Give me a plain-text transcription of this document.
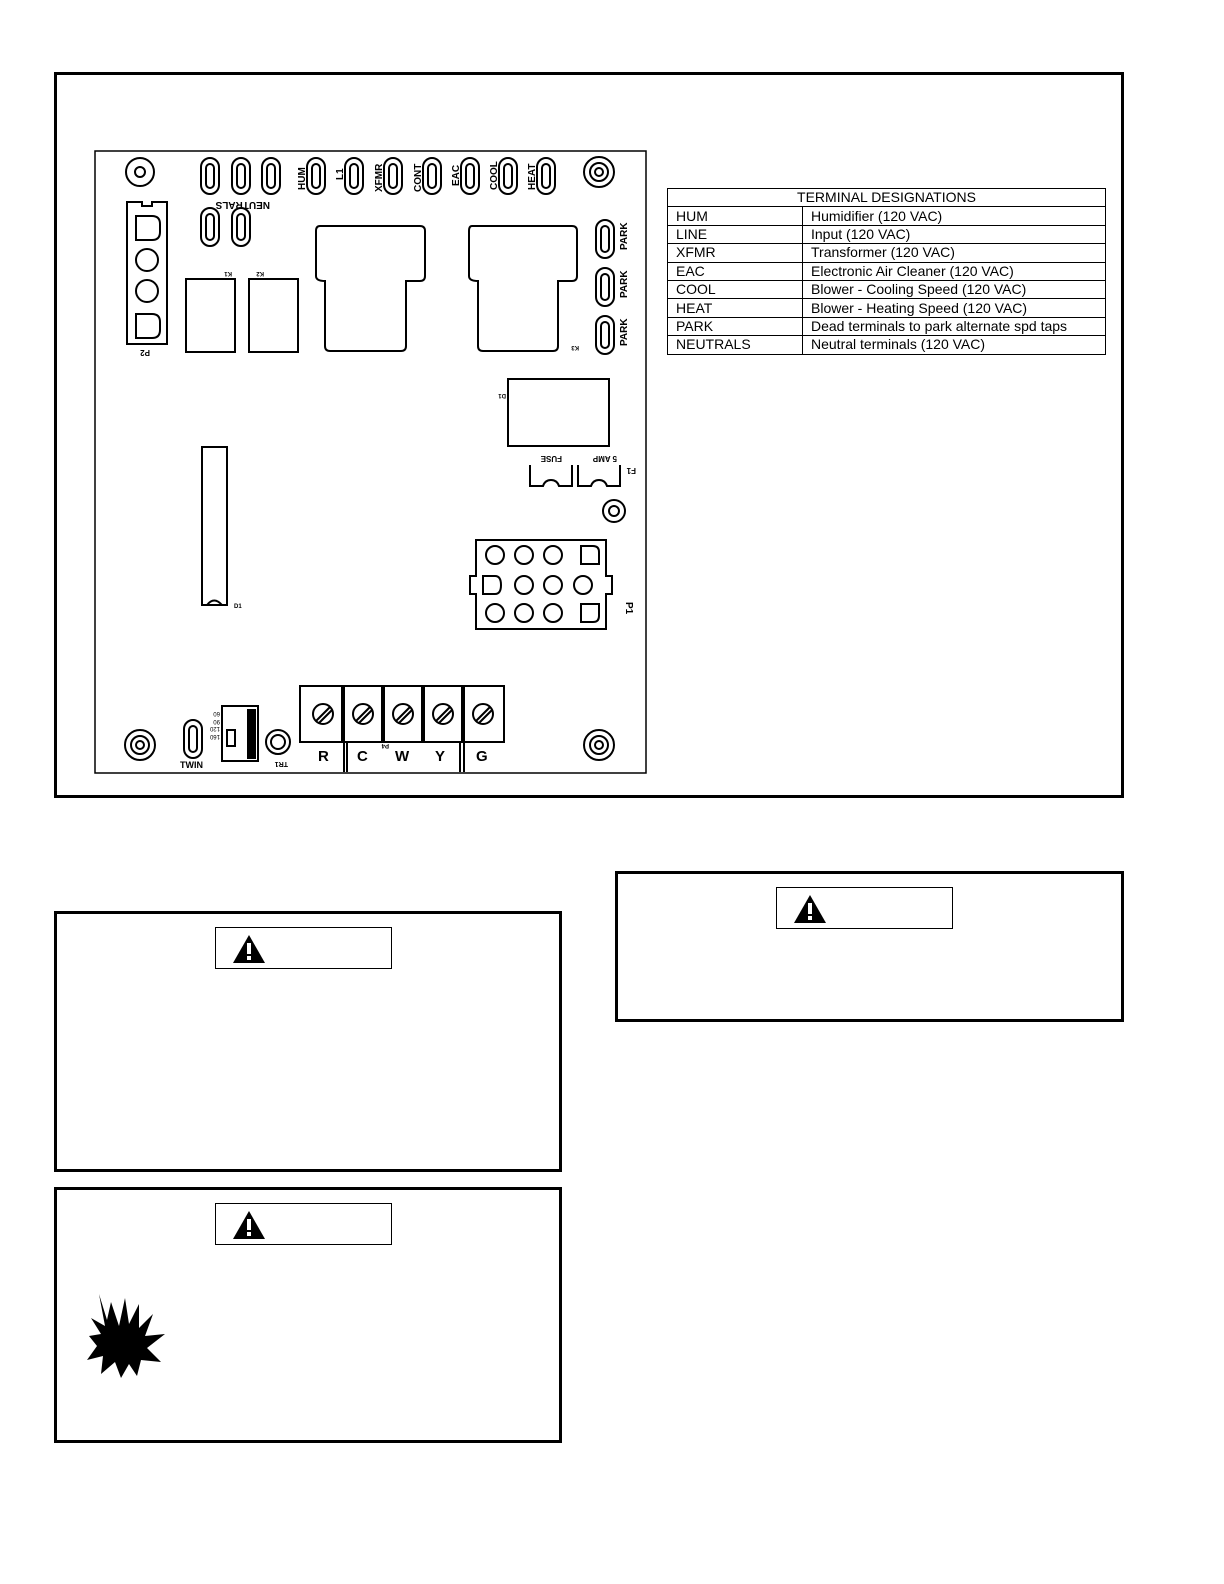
HUM	L1	XFMR	CONT	EAC	COOL	HEAT
PARK
PARK
PARK
NEUTRALS
P2
K1	K2
K3
D1
FUSE	5 AMP
F1
P1
D1
60
120
90
160
TWIN	TR1 R C W Y G
P4
TERMINAL DESIGNATIONS	
HUM	Humidifier (120 VAC)
LINE	Input (120 VAC)
XFMR	Transformer (120 VAC)
EAC	Electronic Air Cleaner (120 VAC)
COOL	Blower - Cooling Speed (120 VAC)
HEAT	Blower - Heating Speed (120 VAC)
PARK	Dead terminals to park alternate spd taps
NEUTRALS	Neutral terminals (120 VAC)
